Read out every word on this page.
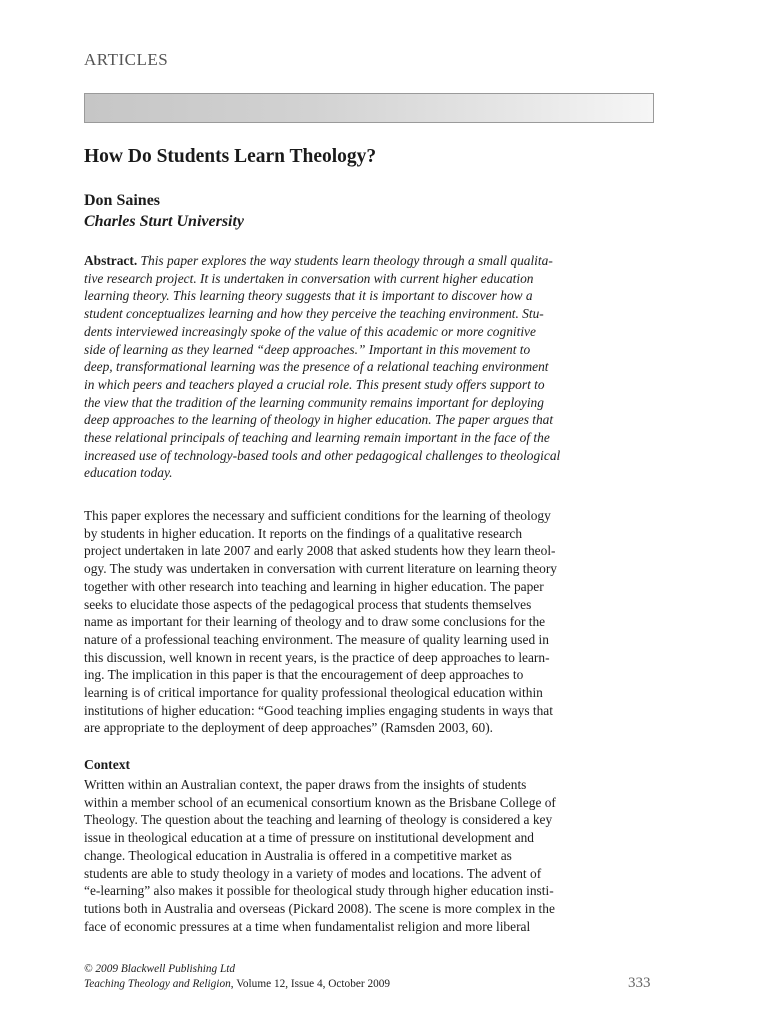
ARTICLES
How Do Students Learn Theology?
Don Saines
Charles Sturt University
Abstract. This paper explores the way students learn theology through a small qualita-
tive research project. It is undertaken in conversation with current higher education
learning theory. This learning theory suggests that it is important to discover how a
student conceptualizes learning and how they perceive the teaching environment. Stu-
dents interviewed increasingly spoke of the value of this academic or more cognitive
side of learning as they learned “deep approaches.” Important in this movement to
deep, transformational learning was the presence of a relational teaching environment
in which peers and teachers played a crucial role. This present study offers support to
the view that the tradition of the learning community remains important for deploying
deep approaches to the learning of theology in higher education. The paper argues that
these relational principals of teaching and learning remain important in the face of the
increased use of technology-based tools and other pedagogical challenges to theological
education today.
This paper explores the necessary and sufficient conditions for the learning of theology
by students in higher education. It reports on the findings of a qualitative research
project undertaken in late 2007 and early 2008 that asked students how they learn theol-
ogy. The study was undertaken in conversation with current literature on learning theory
together with other research into teaching and learning in higher education. The paper
seeks to elucidate those aspects of the pedagogical process that students themselves
name as important for their learning of theology and to draw some conclusions for the
nature of a professional teaching environment. The measure of quality learning used in
this discussion, well known in recent years, is the practice of deep approaches to learn-
ing. The implication in this paper is that the encouragement of deep approaches to
learning is of critical importance for quality professional theological education within
institutions of higher education: “Good teaching implies engaging students in ways that
are appropriate to the deployment of deep approaches” (Ramsden 2003, 60).
Context
Written within an Australian context, the paper draws from the insights of students
within a member school of an ecumenical consortium known as the Brisbane College of
Theology. The question about the teaching and learning of theology is considered a key
issue in theological education at a time of pressure on institutional development and
change. Theological education in Australia is offered in a competitive market as
students are able to study theology in a variety of modes and locations. The advent of
“e-learning” also makes it possible for theological study through higher education insti-
tutions both in Australia and overseas (Pickard 2008). The scene is more complex in the
face of economic pressures at a time when fundamentalist religion and more liberal
© 2009 Blackwell Publishing Ltd
Teaching Theology and Religion, Volume 12, Issue 4, October 2009	333
